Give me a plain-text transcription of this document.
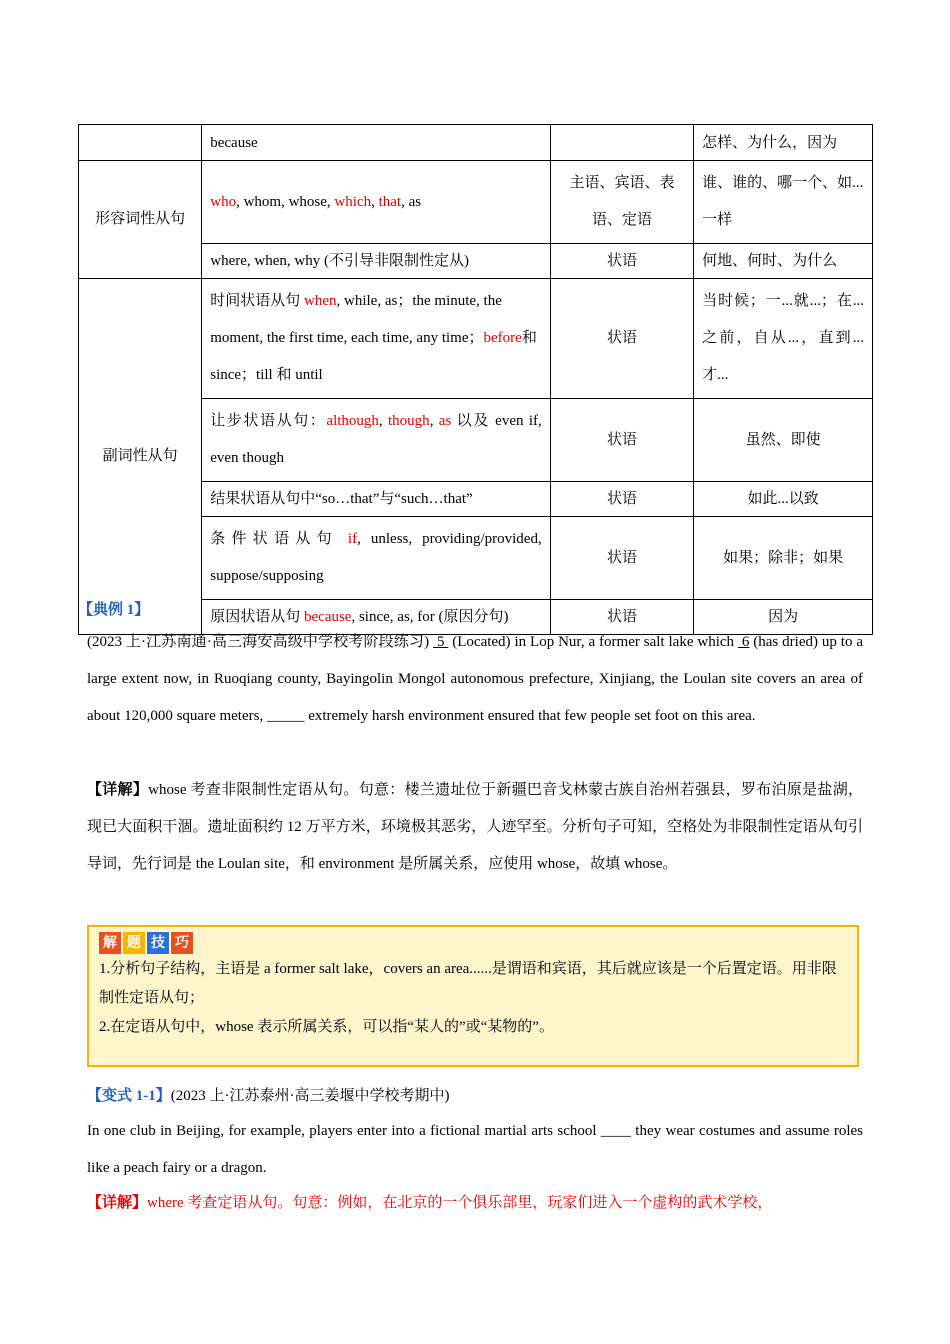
	because		怎样、为什么，因为
形容词性从句	who, whom, whose, which, that, as	主语、宾语、表语、定语	谁、谁的、哪一个、如...一样
	where, when, why (不引导非限制性定从)	状语	何地、何时、为什么
副词性从句	时间状语从句 when, while, as；the minute, the moment, the first time, each time, any time；before和 since；till 和 until	状语	当时候；一...就...；在...之前，自从...，直到...才...
	让步状语从句：although, though, as 以及 even if, even though	状语	虽然、即使
	结果状语从句中“so…that”与“such…that”	状语	如此...以致
	条件状语从句 if, unless, providing/provided, suppose/supposing	状语	如果；除非；如果
	原因状语从句 because, since, as, for (原因分句)	状语	因为
【典例 1】
(2023 上·江苏南通·高三海安高级中学校考阶段练习) 5  (Located) in Lop Nur, a former salt lake which  6 (has dried) up to a large extent now, in Ruoqiang county, Bayingolin Mongol autonomous prefecture, Xinjiang, the Loulan site covers an area of about 120,000 square meters, _____ extremely harsh environment ensured that few people set foot on this area.
【详解】whose 考查非限制性定语从句。句意：楼兰遗址位于新疆巴音戈林蒙古族自治州若强县，罗布泊原是盐湖，现已大面积干涸。遗址面积约 12 万平方米，环境极其恶劣，人迹罕至。分析句子可知，空格处为非限制性定语从句引导词，先行词是 the Loulan site，和 environment 是所属关系，应使用 whose，故填 whose。
解 题 技 巧
1.分析句子结构，主语是 a former salt lake，covers an area......是谓语和宾语，其后就应该是一个后置定语。用非限制性定语从句；
2.在定语从句中，whose 表示所属关系，可以指“某人的”或“某物的”。
【变式 1-1】(2023 上·江苏泰州·高三姜堰中学校考期中)
In one club in Beijing, for example, players enter into a fictional martial arts school ____ they wear costumes and assume roles like a peach fairy or a dragon.
【详解】where 考查定语从句。句意：例如，在北京的一个俱乐部里，玩家们进入一个虚构的武术学校，
